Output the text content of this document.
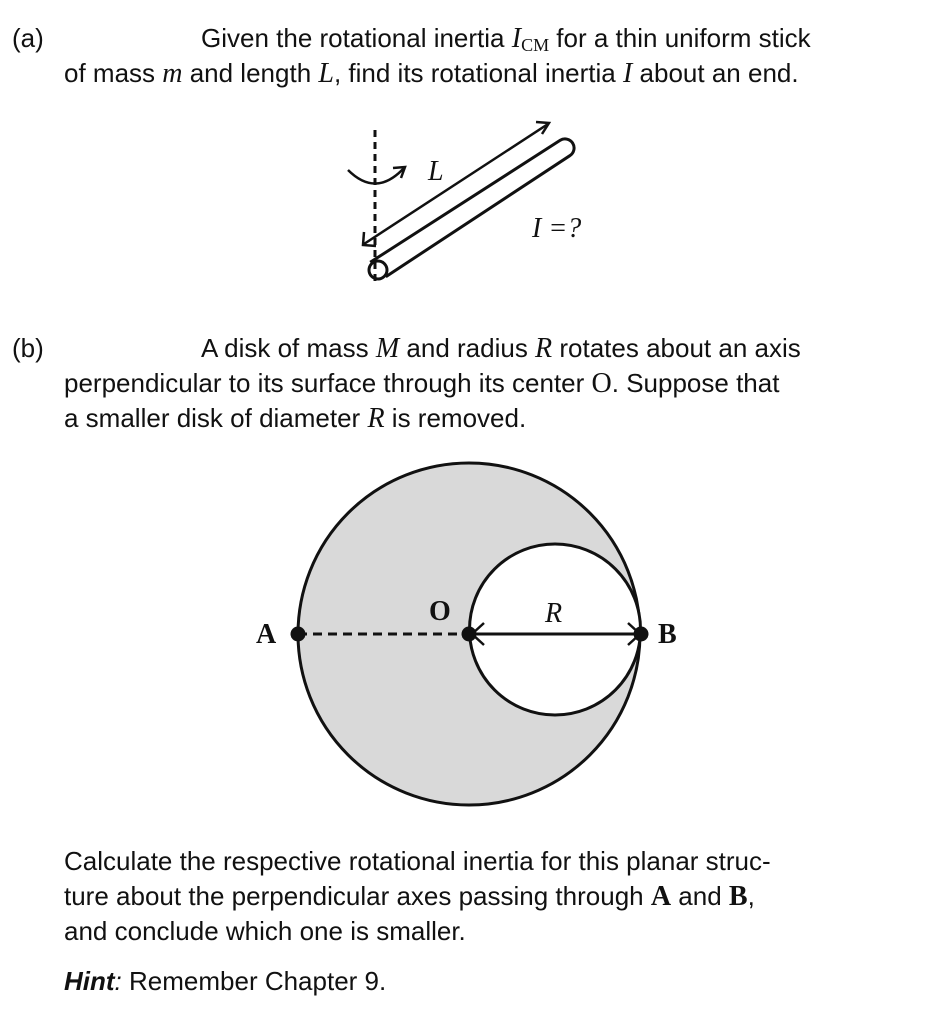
(a)	Given the rotational inertia $I_{CM}$ for a thin uniform stick
of mass m and length L, find its rotational inertia I about an end.
L
I =?
(b)	A disk of mass M and radius R rotates about an axis
perpendicular to its surface through its center O. Suppose that
a smaller disk of diameter R is removed.
A
O
B
R
Calculate the respective rotational inertia for this planar struc-
ture about the perpendicular axes passing through A and B,
and conclude which one is smaller.
Hint: Remember Chapter 9.
